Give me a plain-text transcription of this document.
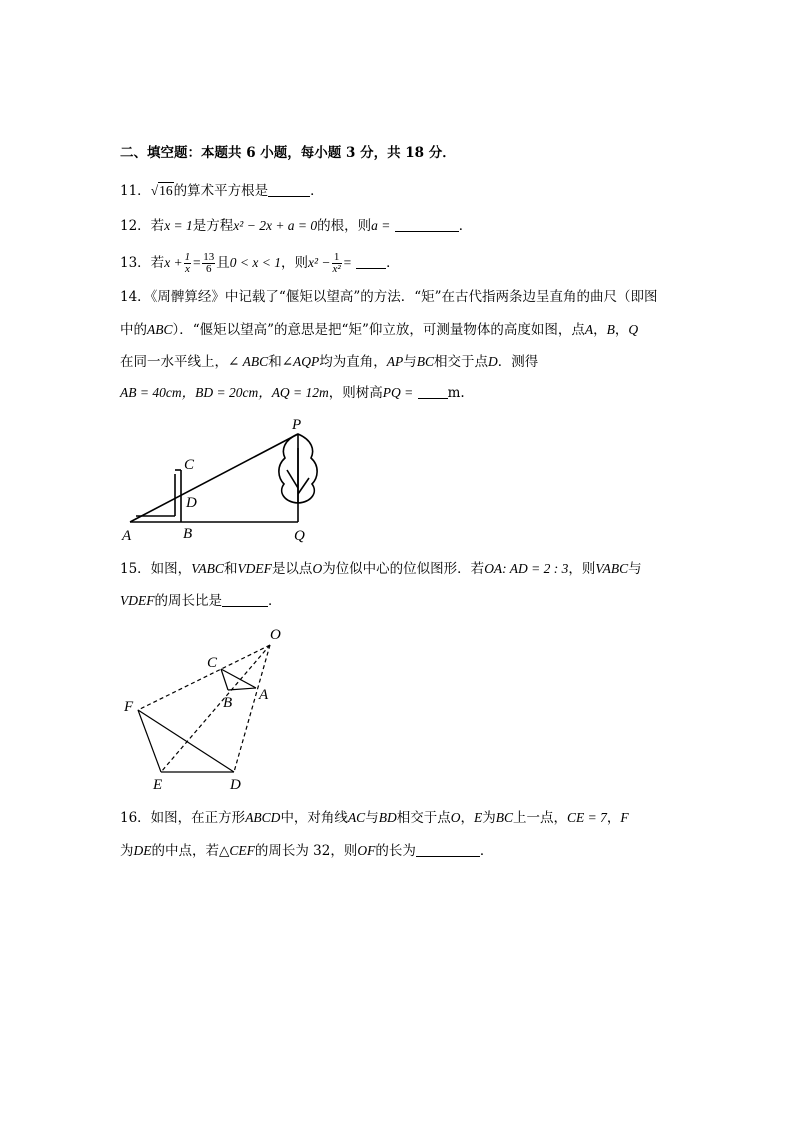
二、填空题：本题共 6 小题，每小题 3 分，共 18 分．
11．√16的算术平方根是	．
12．若x = 1是方程x² − 2x + a = 0的根，则a =	．
13．若$x + \frac{1}{x} = \frac{13}{6}$ 且0 < x < 1，则$x^2 - \frac{1}{\text{x²}}$ =	．
14．《周髀算经》中记载了“偃矩以望高”的方法．“矩”在古代指两条边呈直角的曲尺（即图
中的ABC）．“偃矩以望高”的意思是把“矩”仰立放，可测量物体的高度如图，点A，B，Q
在同一水平线上，∠ ABC和∠AQP均为直角，AP与BC相交于点D．测得
AB = 40cm，BD = 20cm，AQ = 12m，则树高PQ =	m.
P
C
D
A	B	Q
O
C
A
B
F
E	D
15．如图，VABC和VDEF是以点O为位似中心的位似图形．若OA: AD = 2 : 3，则VABC与
VDEF的周长比是	．
16．如图，在正方形ABCD中，对角线AC与BD相交于点O，E为BC上一点，CE = 7，F
为DE的中点，若△CEF的周长为 32，则OF的长为	．
